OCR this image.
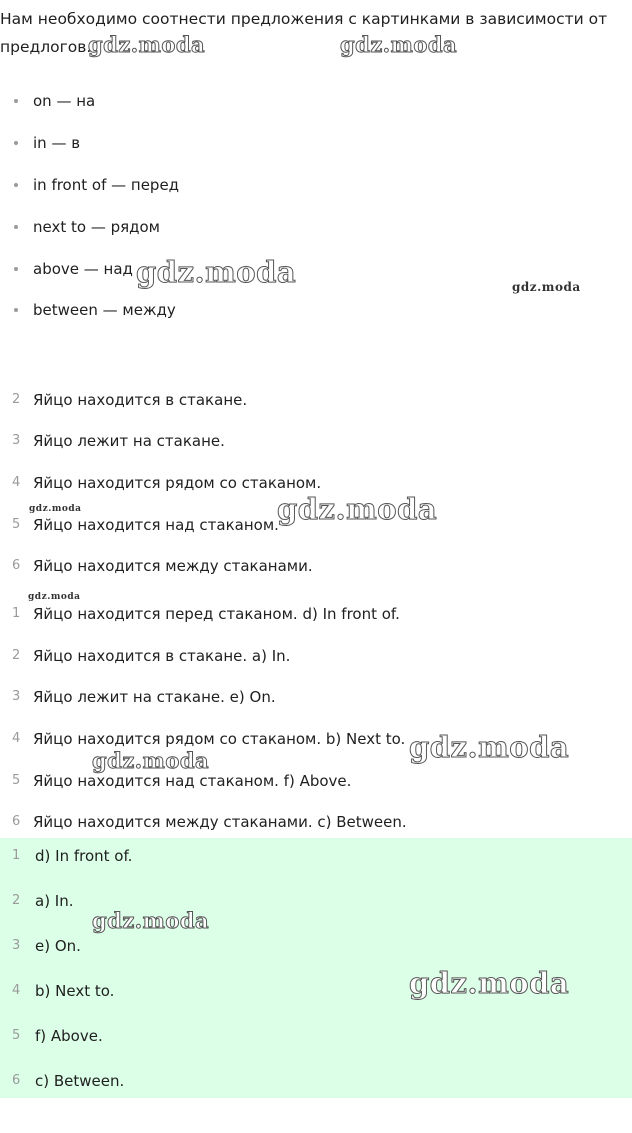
Нам необходимо соотнести предложения с картинками в зависимости от предлогов.
on — на
in — в
in front of — перед
next to — рядом
above — над
between — между
2 Яйцо находится в стакане.
3 Яйцо лежит на стакане.
4 Яйцо находится рядом со стаканом.
5 Яйцо находится над стаканом.
6 Яйцо находится между стаканами.
1 Яйцо находится перед стаканом. d) In front of.
2 Яйцо находится в стакане. a) In.
3 Яйцо лежит на стакане. e) On.
4 Яйцо находится рядом со стаканом. b) Next to.
5 Яйцо находится над стаканом. f) Above.
6 Яйцо находится между стаканами. c) Between.
1 d) In front of.
2 a) In.
3 e) On.
4 b) Next to.
5 f) Above.
6 c) Between.
gdz.moda	gdz.moda
gdz.moda	gdz.moda
gdz.moda	gdz.moda
gdz.moda
gdz.moda
gdz.moda
gdz.moda
gdz.moda
